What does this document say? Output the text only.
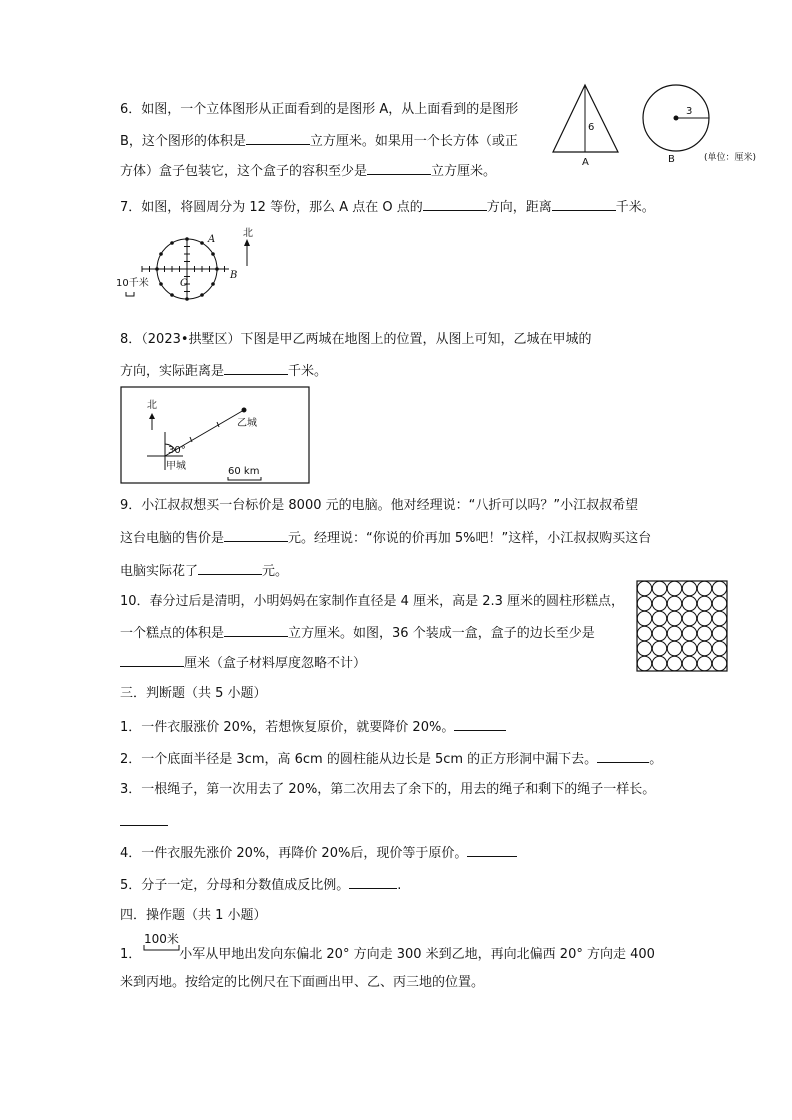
6．如图，一个立体图形从正面看到的是图形 A，从上面看到的是图形
B，这个图形的体积是	立方厘米。如果用一个长方体（或正
方体）盒子包装它，这个盒子的容积至少是	立方厘米。
6
A
3
B	(单位：厘米)
7．如图，将圆周分为 12 等份，那么 A 点在 O 点的	方向，距离	千米。
A
B
O
北
10千米
8．（2023•拱墅区）下图是甲乙两城在地图上的位置，从图上可知，乙城在甲城的
方向，实际距离是	千米。
北
30°
乙城
甲城	60 km
9．小江叔叔想买一台标价是 8000 元的电脑。他对经理说：“八折可以吗？”小江叔叔希望
这台电脑的售价是	元。经理说：“你说的价再加 5%吧！”这样，小江叔叔购买这台
电脑实际花了	元。
10．春分过后是清明，小明妈妈在家制作直径是 4 厘米，高是 2.3 厘米的圆柱形糕点，
一个糕点的体积是	立方厘米。如图，36 个装成一盒，盒子的边长至少是
厘米（盒子材料厚度忽略不计）
三．判断题（共 5 小题）
1．一件衣服涨价 20%，若想恢复原价，就要降价 20%。
2．一个底面半径是 3cm，高 6cm 的圆柱能从边长是 5cm 的正方形洞中漏下去。	。
3．一根绳子，第一次用去了 20%，第二次用去了余下的，用去的绳子和剩下的绳子一样长。
4．一件衣服先涨价 20%，再降价 20%后，现价等于原价。
5．分子一定，分母和分数值成反比例。	.
四．操作题（共 1 小题）
100米
1．	小军从甲地出发向东偏北 20° 方向走 300 米到乙地，再向北偏西 20° 方向走 400
米到丙地。按给定的比例尺在下面画出甲、乙、丙三地的位置。
